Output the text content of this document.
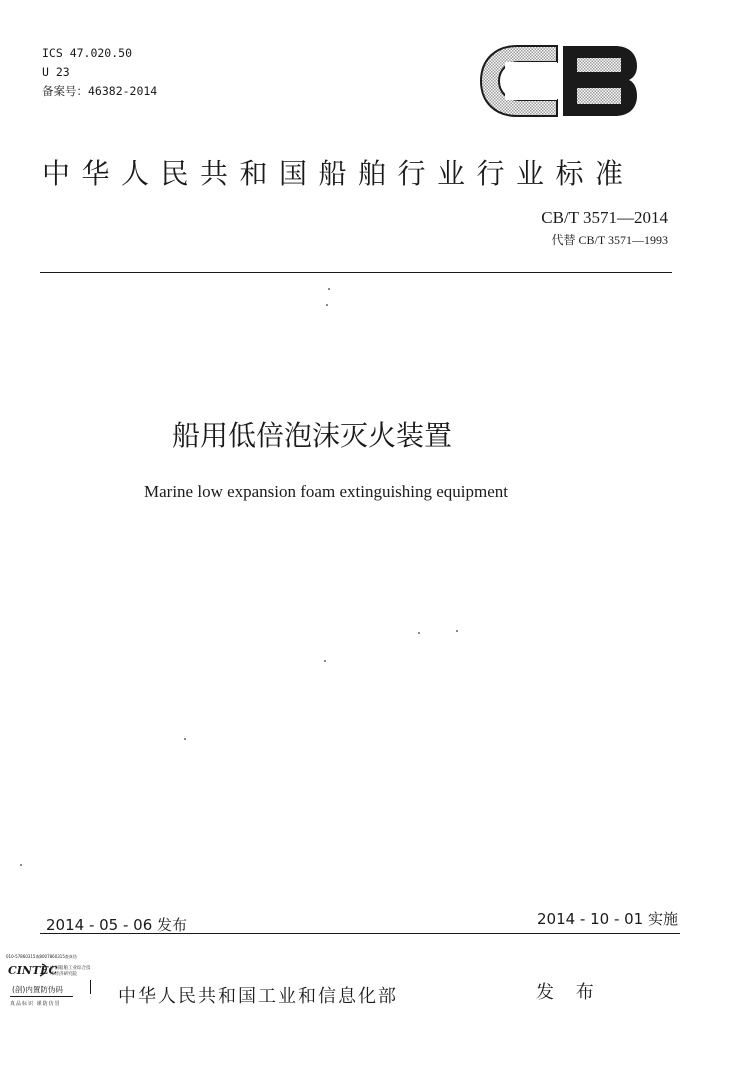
ICS 47.020.50
U 23
备案号：46382-2014
中华人民共和国船舶行业行业标准
CB/T 3571—2014
代替 CB/T 3571—1993
船用低倍泡沫灭火装置
Marine low expansion foam extinguishing equipment
2014 - 05 - 06 发布	2014 - 10 - 01 实施
010-57860315或8007860315查真伪
CINTEC
中国船舶工业综合技术经济研究院
(剖)内置防伪码
真品标识 谨防仿冒	中华人民共和国工业和信息化部	发 布
